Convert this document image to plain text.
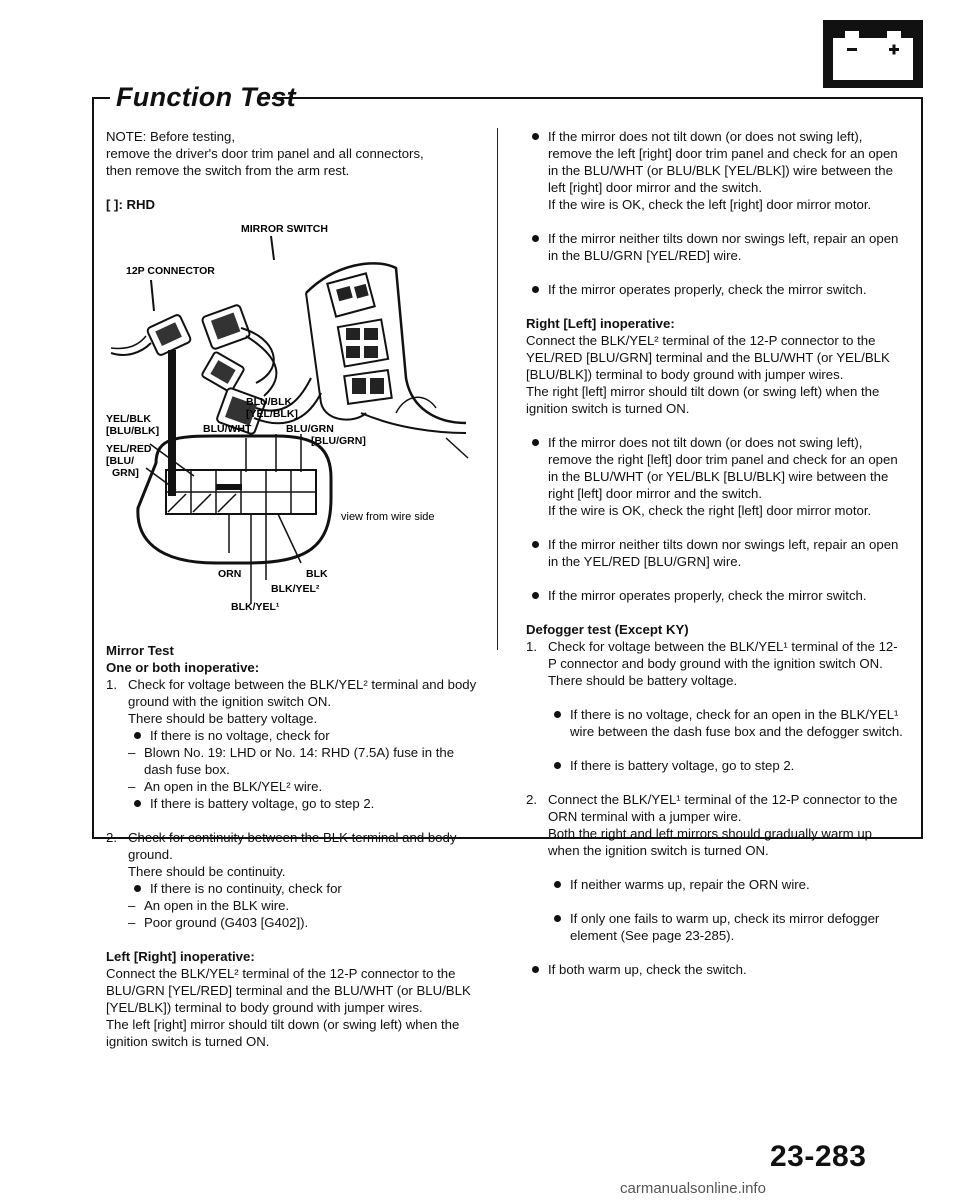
Function Test

NOTE: Before testing,

remove the driver's door trim panel and all connectors,

then remove the switch from the arm rest.

[ ]: RHD

MIRROR SWITCH
12P CONNECTOR
BLU/BLK
[YEL/BLK]
YEL/BLK
[BLU/BLK]	BLU/WHT	BLU/GRN
[BLU/GRN]
YEL/RED
[BLU/
GRN]
view from wire side
ORN	BLK
BLK/YEL²
BLK/YEL¹

Mirror Test

One or both inoperative:

1. Check for voltage between the BLK/YEL² terminal and body ground with the ignition switch ON.

There should be battery voltage.

If there is no voltage, check for

– Blown No. 19: LHD or No. 14: RHD (7.5A) fuse in the dash fuse box.

– An open in the BLK/YEL² wire.

If there is battery voltage, go to step 2.

2. Check for continuity between the BLK terminal and body ground.

There should be continuity.

If there is no continuity, check for

– An open in the BLK wire.

– Poor ground (G403 [G402]).

Left [Right] inoperative:

Connect the BLK/YEL² terminal of the 12-P connector to the BLU/GRN [YEL/RED] terminal and the BLU/WHT (or BLU/BLK [YEL/BLK]) terminal to body ground with jumper wires.

The left [right] mirror should tilt down (or swing left) when the ignition switch is turned ON.

If the mirror does not tilt down (or does not swing left), remove the left [right] door trim panel and check for an open in the BLU/WHT (or BLU/BLK [YEL/BLK]) wire between the left [right] door mirror and the switch.

If the wire is OK, check the left [right] door mirror motor.

If the mirror neither tilts down nor swings left, repair an open in the BLU/GRN [YEL/RED] wire.

If the mirror operates properly, check the mirror switch.

Right [Left] inoperative:

Connect the BLK/YEL² terminal of the 12-P connector to the YEL/RED [BLU/GRN] terminal and the BLU/WHT (or YEL/BLK [BLU/BLK]) terminal to body ground with jumper wires.

The right [left] mirror should tilt down (or swing left) when the ignition switch is turned ON.

If the mirror does not tilt down (or does not swing left), remove the right [left] door trim panel and check for an open in the BLU/WHT (or YEL/BLK [BLU/BLK] wire between the right [left] door mirror and the switch.

If the wire is OK, check the right [left] door mirror motor.

If the mirror neither tilts down nor swings left, repair an open in the YEL/RED [BLU/GRN] wire.

If the mirror operates properly, check the mirror switch.

Defogger test (Except KY)

1. Check for voltage between the BLK/YEL¹ terminal of the 12-P connector and body ground with the ignition switch ON.

There should be battery voltage.

If there is no voltage, check for an open in the BLK/YEL¹ wire between the dash fuse box and the defogger switch.

If there is battery voltage, go to step 2.

2. Connect the BLK/YEL¹ terminal of the 12-P connector to the ORN terminal with a jumper wire.

Both the right and left mirrors should gradually warm up when the ignition switch is turned ON.

If neither warms up, repair the ORN wire.

If only one fails to warm up, check its mirror defogger element (See page 23-285).

If both warm up, check the switch.

23-283
carmanualsonline.info
